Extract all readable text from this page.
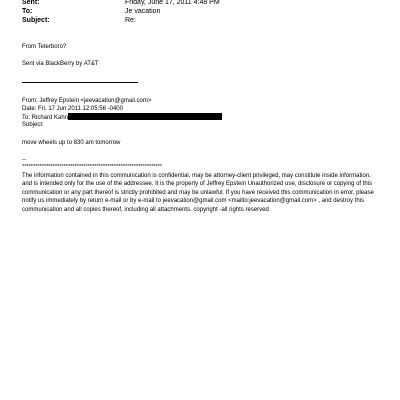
Sent:	Friday, June 17, 2011 4:48 PM
To:	Je vacation
Subject:	Re:
From Teterboro?
Sent via BlackBerry by AT&T
From: Jeffrey Epstein <jeevacation@gmail.com>
Date: Fri, 17 Jun 2011 12:05:56 -0400
To: Richard Kahn
Subject:
move wheels up to 830 am tomorrow
--
****************************************************************
The information contained in this communication is confidential, may be attorney-client privileged, may constitute inside information, and is intended only for the use of the addressee. It is the property of Jeffrey Epstein Unauthorized use, disclosure or copying of this communication or any part thereof is strictly prohibited and may be unlawful. If you have received this communication in error, please notify us immediately by return e-mail or by e-mail to jeevacation@gmail.com <mailto:jeevacation@gmail.com> , and destroy this communication and all copies thereof, including all attachments. copyright -all rights reserved
